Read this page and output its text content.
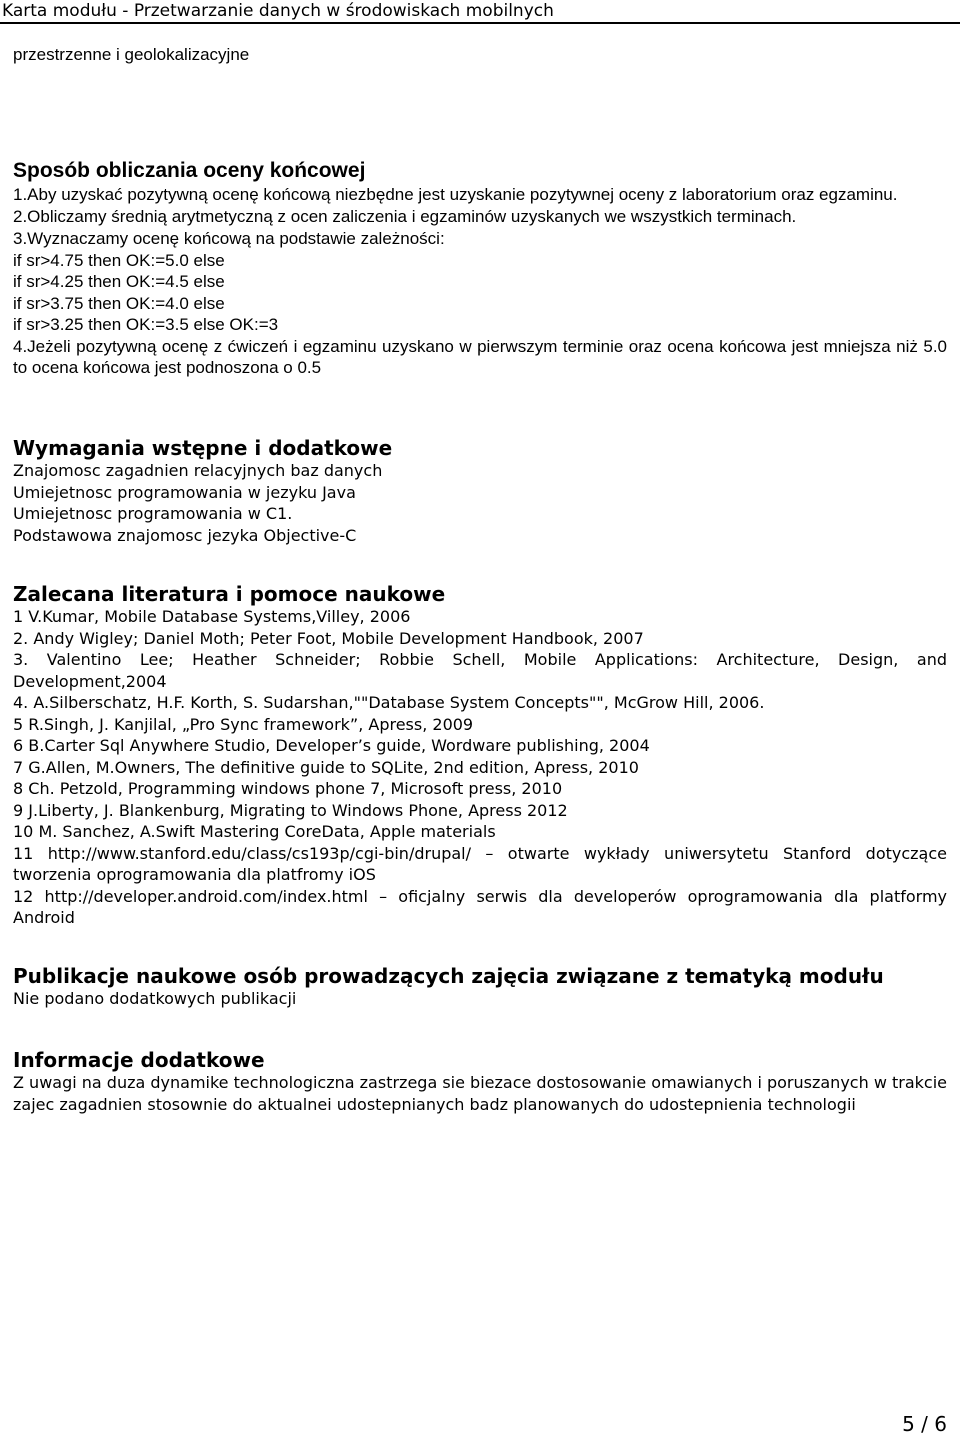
Karta modułu - Przetwarzanie danych w środowiskach mobilnych

przestrzenne i geolokalizacyjne

Sposób obliczania oceny końcowej

1.Aby uzyskać pozytywną ocenę końcową niezbędne jest uzyskanie pozytywnej oceny z laboratorium oraz egzaminu.

2.Obliczamy średnią arytmetyczną z ocen zaliczenia i egzaminów uzyskanych we wszystkich terminach.

3.Wyznaczamy ocenę końcową na podstawie zależności:

if sr>4.75 then OK:=5.0 else

if sr>4.25 then OK:=4.5 else

if sr>3.75 then OK:=4.0 else

if sr>3.25 then OK:=3.5 else OK:=3

4.Jeżeli pozytywną ocenę z ćwiczeń i egzaminu uzyskano w pierwszym terminie oraz ocena końcowa jest mniejsza niż 5.0 to ocena końcowa jest podnoszona o 0.5

Wymagania wstępne i dodatkowe

Znajomosc zagadnien relacyjnych baz danych

Umiejetnosc programowania w jezyku Java

Umiejetnosc programowania w C1.

Podstawowa znajomosc jezyka Objective-C

Zalecana literatura i pomoce naukowe

1 V.Kumar, Mobile Database Systems,Villey, 2006

2. Andy Wigley; Daniel Moth; Peter Foot, Mobile Development Handbook, 2007

3. Valentino Lee; Heather Schneider; Robbie Schell, Mobile Applications: Architecture, Design, and Development,2004

4. A.Silberschatz, H.F. Korth, S. Sudarshan,""Database System Concepts"", McGrow Hill, 2006.

5 R.Singh, J. Kanjilal, „Pro Sync framework”, Apress, 2009

6 B.Carter Sql Anywhere Studio, Developer’s guide, Wordware publishing, 2004

7 G.Allen, M.Owners, The definitive guide to SQLite, 2nd edition, Apress, 2010

8 Ch. Petzold, Programming windows phone 7, Microsoft press, 2010

9 J.Liberty, J. Blankenburg, Migrating to Windows Phone, Apress 2012

10 M. Sanchez, A.Swift Mastering CoreData, Apple materials

11 http://www.stanford.edu/class/cs193p/cgi-bin/drupal/ – otwarte wykłady uniwersytetu Stanford dotyczące tworzenia oprogramowania dla platfromy iOS

12 http://developer.android.com/index.html – oficjalny serwis dla developerów oprogramowania dla platformy Android

Publikacje naukowe osób prowadzących zajęcia związane z tematyką modułu

Nie podano dodatkowych publikacji

Informacje dodatkowe

Z uwagi na duza dynamike technologiczna zastrzega sie biezace dostosowanie omawianych i poruszanych w trakcie zajec zagadnien stosownie do aktualnei udostepnianych badz planowanych do udostepnienia technologii

5 / 6
